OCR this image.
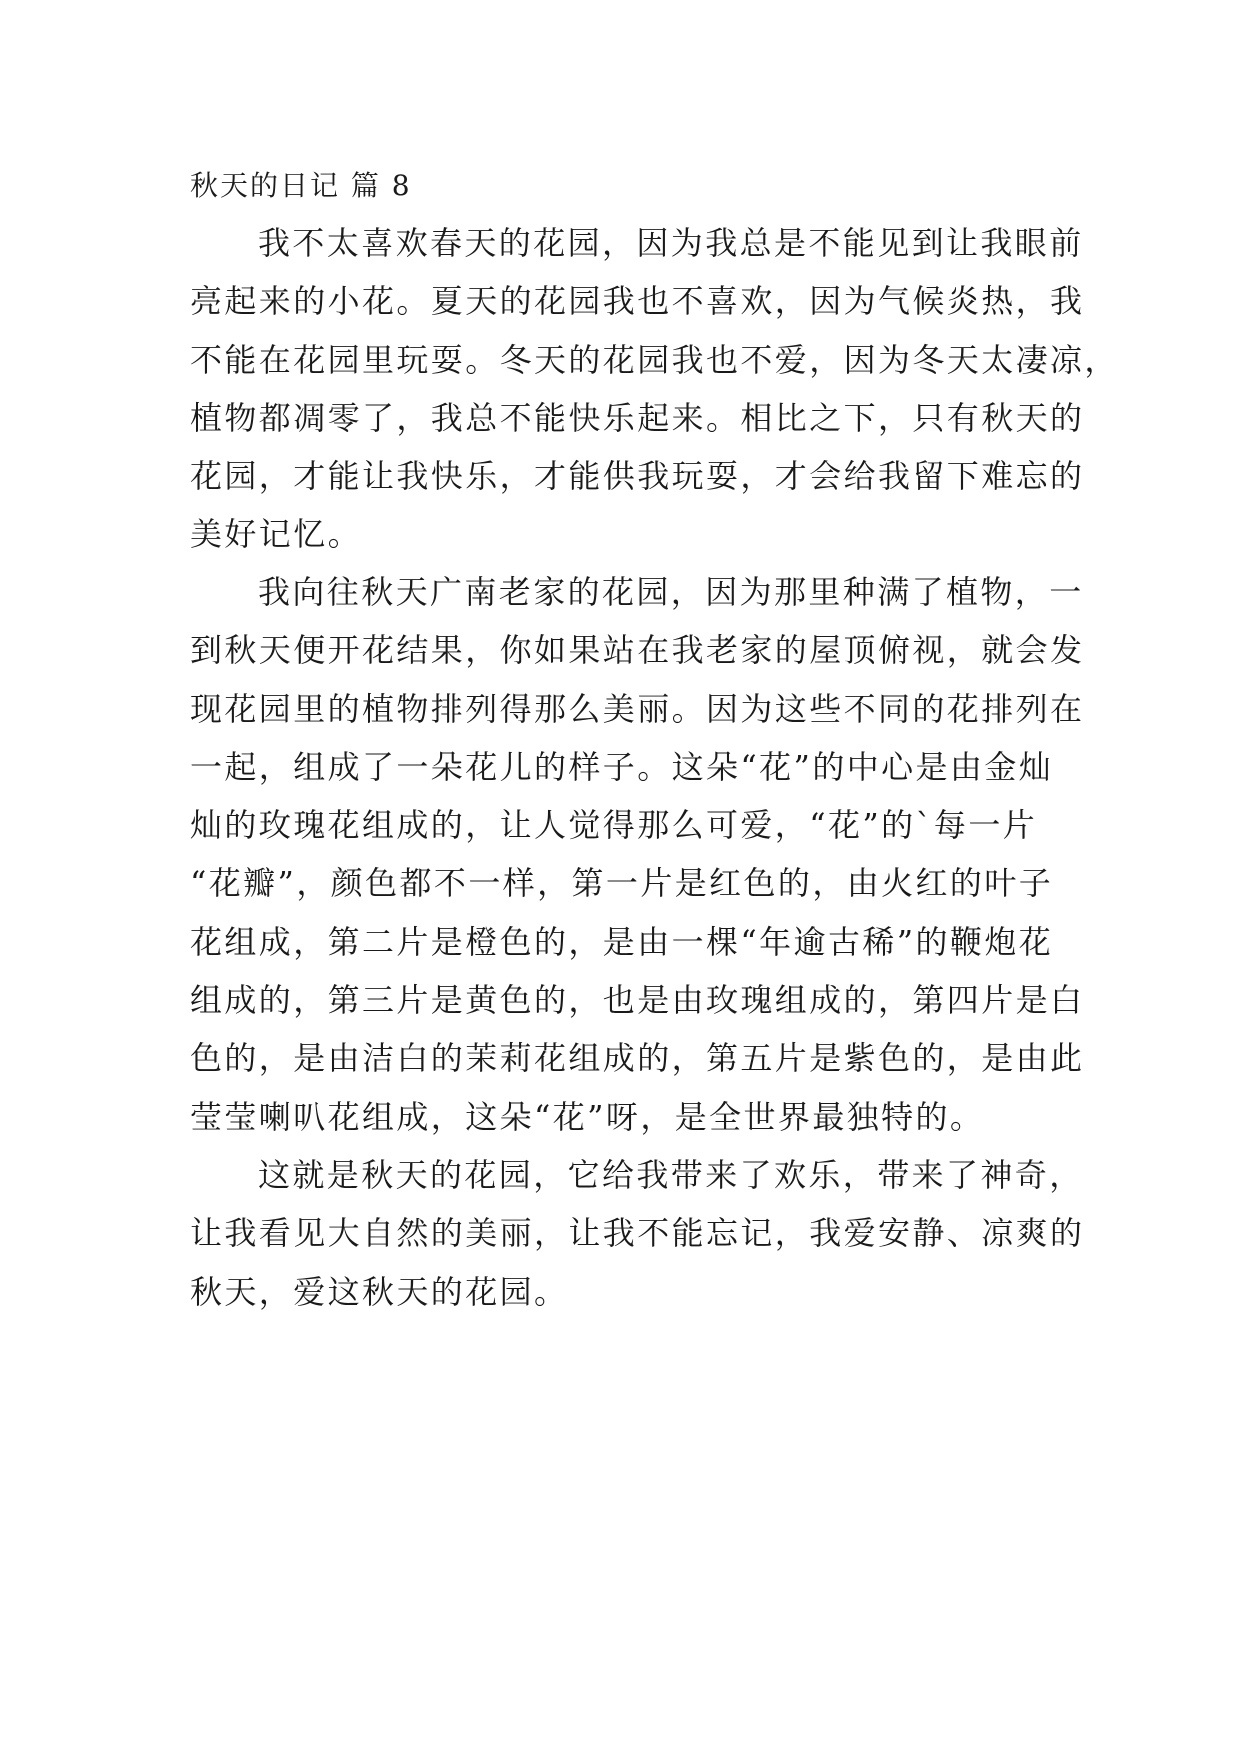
秋天的日记 篇 8
我不太喜欢春天的花园，因为我总是不能见到让我眼前
亮起来的小花。夏天的花园我也不喜欢，因为气候炎热，我
不能在花园里玩耍。冬天的花园我也不爱，因为冬天太凄凉，
植物都凋零了，我总不能快乐起来。相比之下，只有秋天的
花园，才能让我快乐，才能供我玩耍，才会给我留下难忘的
美好记忆。
我向往秋天广南老家的花园，因为那里种满了植物，一
到秋天便开花结果，你如果站在我老家的屋顶俯视，就会发
现花园里的植物排列得那么美丽。因为这些不同的花排列在
一起，组成了一朵花儿的样子。这朵“花”的中心是由金灿
灿的玫瑰花组成的，让人觉得那么可爱，“花”的`每一片
“花瓣”，颜色都不一样，第一片是红色的，由火红的叶子
花组成，第二片是橙色的，是由一棵“年逾古稀”的鞭炮花
组成的，第三片是黄色的，也是由玫瑰组成的，第四片是白
色的，是由洁白的茉莉花组成的，第五片是紫色的，是由此
莹莹喇叭花组成，这朵“花”呀，是全世界最独特的。
这就是秋天的花园，它给我带来了欢乐，带来了神奇，
让我看见大自然的美丽，让我不能忘记，我爱安静、凉爽的
秋天，爱这秋天的花园。
